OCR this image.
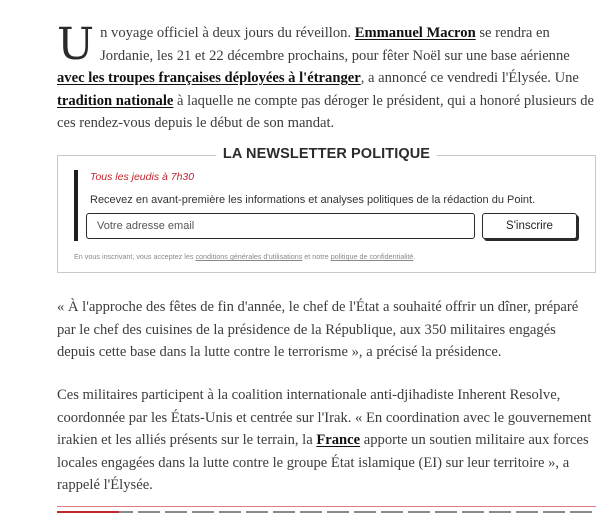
Un voyage officiel à deux jours du réveillon. Emmanuel Macron se rendra en Jordanie, les 21 et 22 décembre prochains, pour fêter Noël sur une base aérienne avec les troupes françaises déployées à l'étranger, a annoncé ce vendredi l'Élysée. Une tradition nationale à laquelle ne compte pas déroger le président, qui a honoré plusieurs de ces rendez-vous depuis le début de son mandat.

LA NEWSLETTER POLITIQUE
Tous les jeudis à 7h30
Recevez en avant-première les informations et analyses politiques de la rédaction du Point.
Votre adresse email
S'inscrire
En vous inscrivant, vous acceptez les conditions générales d'utilisations et notre politique de confidentialité.

« À l'approche des fêtes de fin d'année, le chef de l'État a souhaité offrir un dîner, préparé par le chef des cuisines de la présidence de la République, aux 350 militaires engagés depuis cette base dans la lutte contre le terrorisme », a précisé la présidence.

Ces militaires participent à la coalition internationale anti-djihadiste Inherent Resolve, coordonnée par les États-Unis et centrée sur l'Irak. « En coordination avec le gouvernement irakien et les alliés présents sur le terrain, la France apporte un soutien militaire aux forces locales engagées dans la lutte contre le groupe État islamique (EI) sur leur territoire », a rappelé l'Élysée.
